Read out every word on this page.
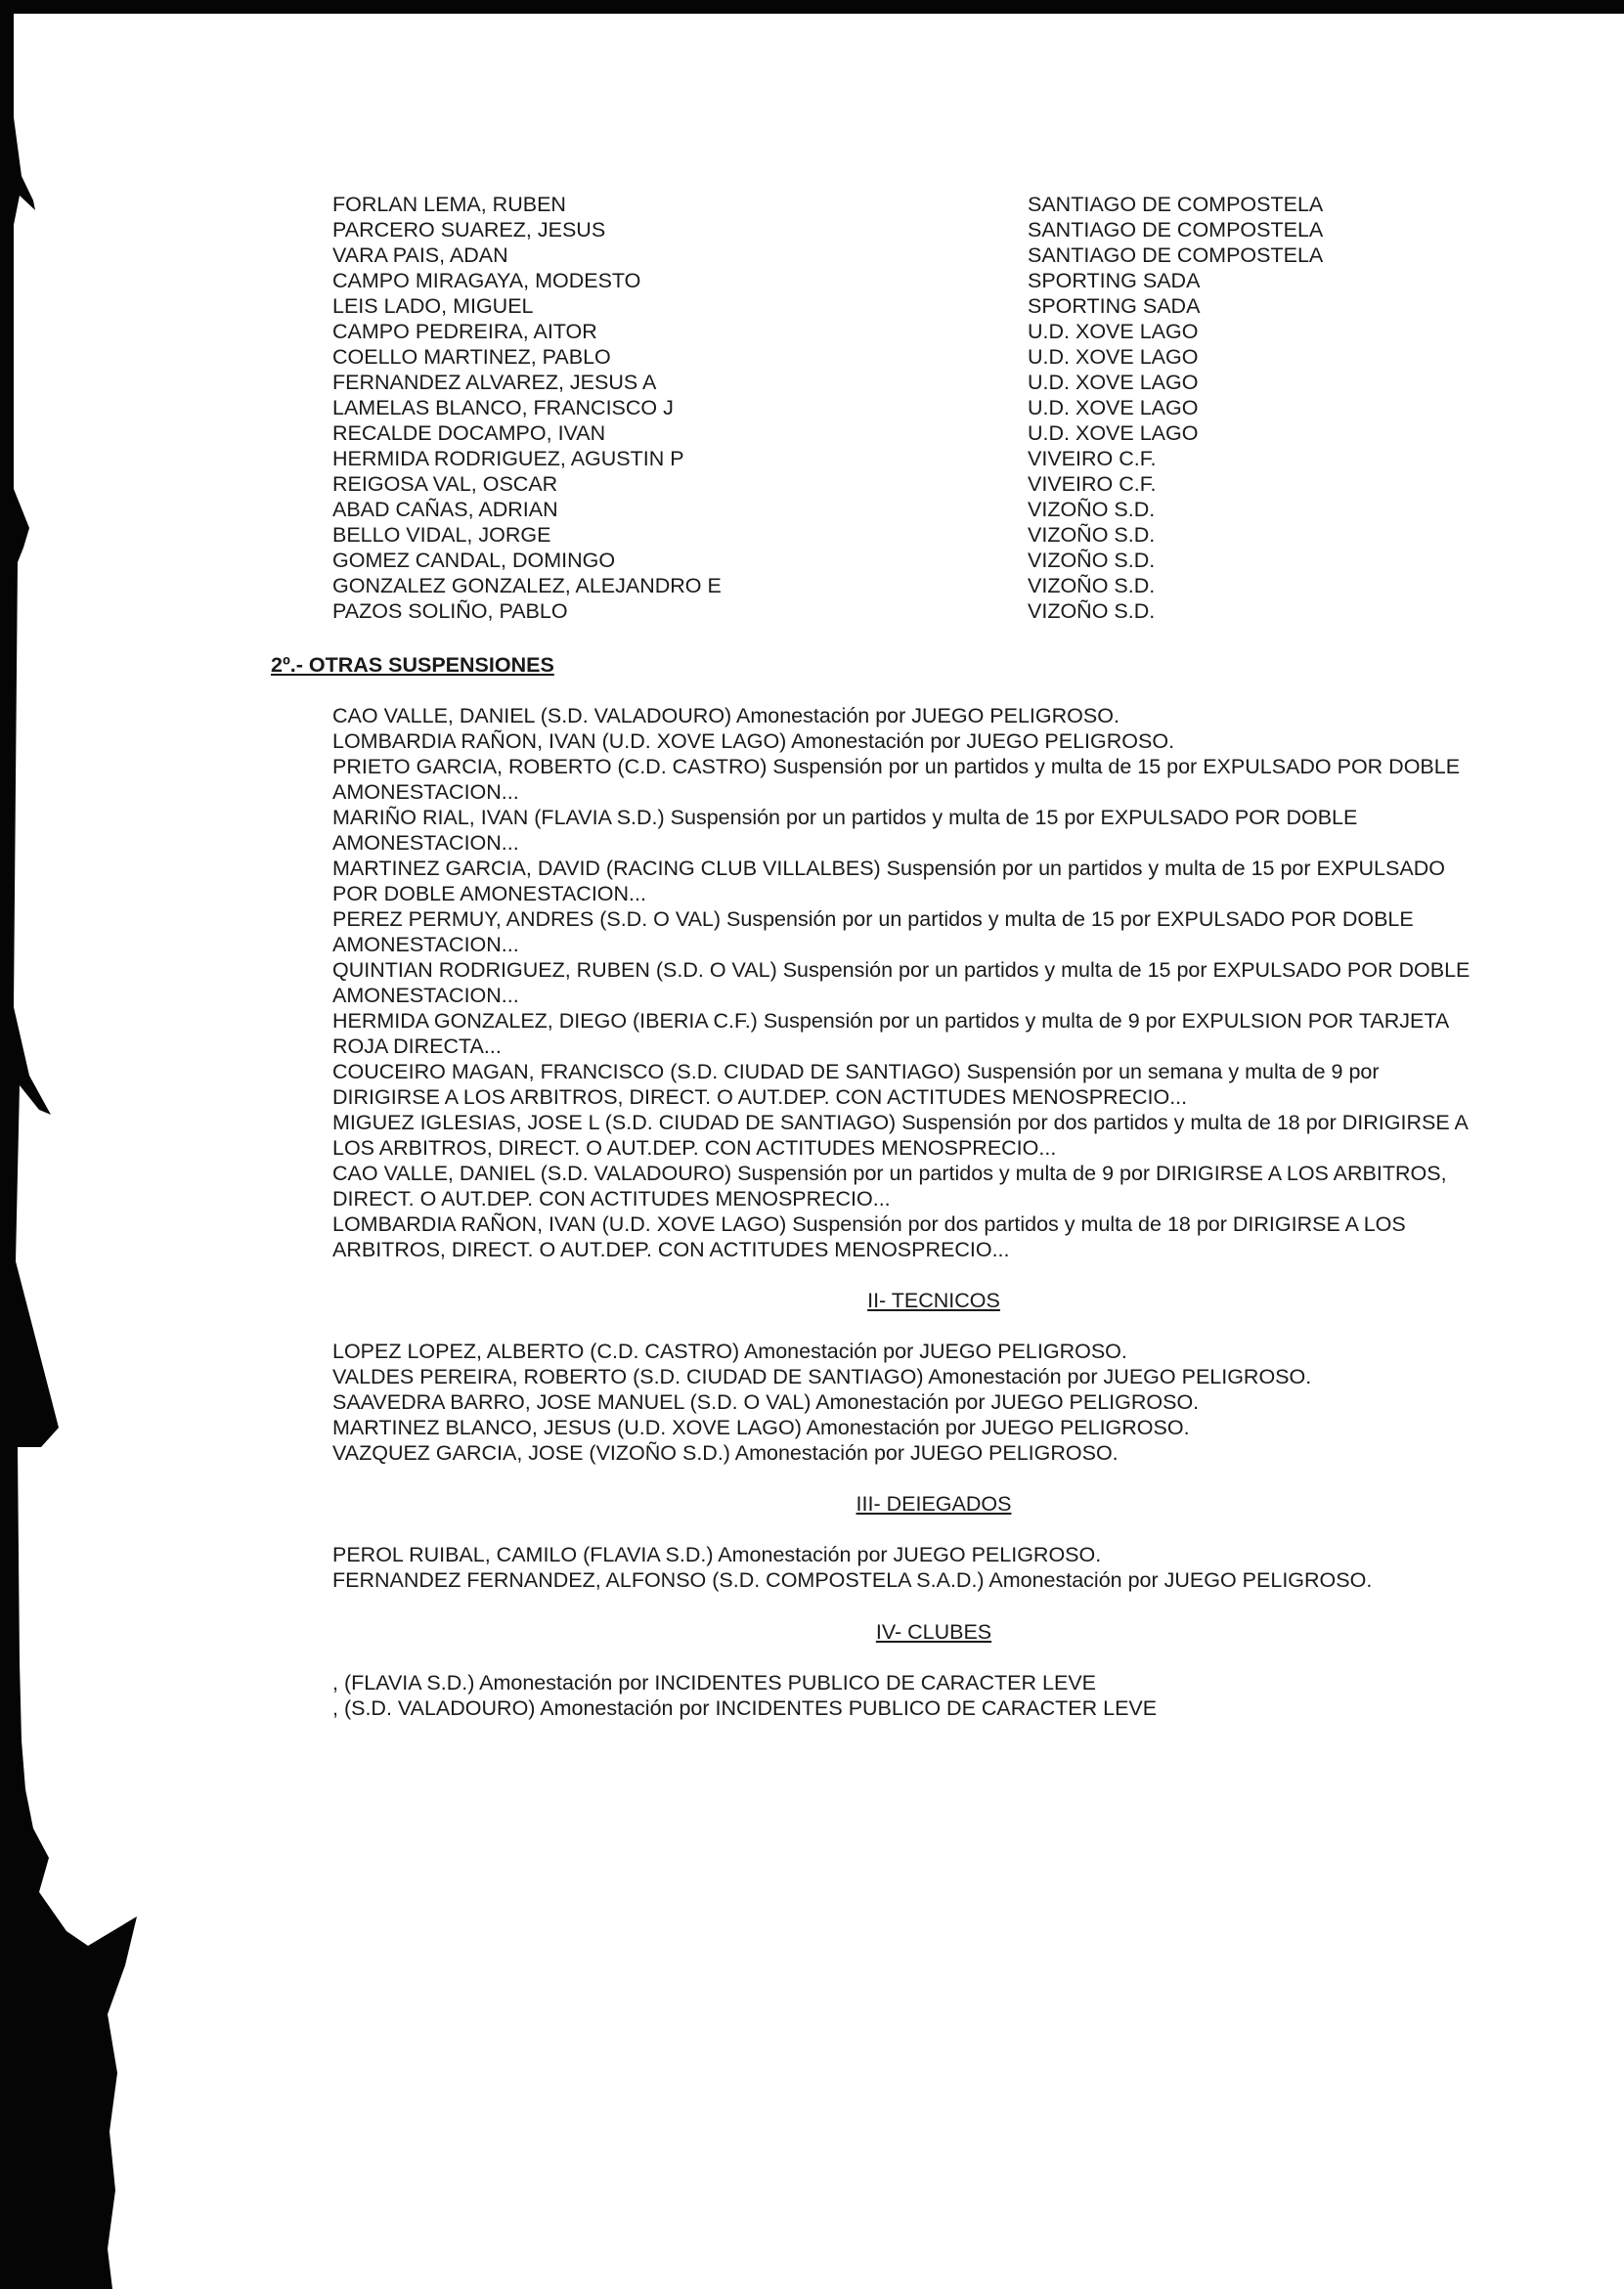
FORLAN LEMA, RUBEN	SANTIAGO DE COMPOSTELA
PARCERO SUAREZ, JESUS	SANTIAGO DE COMPOSTELA
VARA PAIS, ADAN	SANTIAGO DE COMPOSTELA
CAMPO MIRAGAYA, MODESTO	SPORTING SADA
LEIS LADO, MIGUEL	SPORTING SADA
CAMPO PEDREIRA, AITOR	U.D. XOVE LAGO
COELLO MARTINEZ, PABLO	U.D. XOVE LAGO
FERNANDEZ ALVAREZ, JESUS A	U.D. XOVE LAGO
LAMELAS BLANCO, FRANCISCO J	U.D. XOVE LAGO
RECALDE DOCAMPO, IVAN	U.D. XOVE LAGO
HERMIDA RODRIGUEZ, AGUSTIN P	VIVEIRO C.F.
REIGOSA VAL, OSCAR	VIVEIRO C.F.
ABAD CAÑAS, ADRIAN	VIZOÑO S.D.
BELLO VIDAL, JORGE	VIZOÑO S.D.
GOMEZ CANDAL, DOMINGO	VIZOÑO S.D.
GONZALEZ GONZALEZ, ALEJANDRO E	VIZOÑO S.D.
PAZOS SOLIÑO, PABLO	VIZOÑO S.D.
2º.- OTRAS SUSPENSIONES

CAO VALLE, DANIEL (S.D. VALADOURO) Amonestación por JUEGO PELIGROSO.

LOMBARDIA RAÑON, IVAN (U.D. XOVE LAGO) Amonestación por JUEGO PELIGROSO.

PRIETO GARCIA, ROBERTO (C.D. CASTRO) Suspensión por un partidos y multa de 15 por EXPULSADO POR DOBLE
AMONESTACION...

MARIÑO RIAL, IVAN (FLAVIA S.D.) Suspensión por un partidos y multa de 15 por EXPULSADO POR DOBLE
AMONESTACION...

MARTINEZ GARCIA, DAVID (RACING CLUB VILLALBES) Suspensión por un partidos y multa de 15 por EXPULSADO
POR DOBLE AMONESTACION...

PEREZ PERMUY, ANDRES (S.D. O VAL) Suspensión por un partidos y multa de 15 por EXPULSADO POR DOBLE
AMONESTACION...

QUINTIAN RODRIGUEZ, RUBEN (S.D. O VAL) Suspensión por un partidos y multa de 15 por EXPULSADO POR DOBLE
AMONESTACION...

HERMIDA GONZALEZ, DIEGO (IBERIA C.F.) Suspensión por un partidos y multa de 9 por EXPULSION POR TARJETA
ROJA DIRECTA...

COUCEIRO MAGAN, FRANCISCO (S.D. CIUDAD DE SANTIAGO) Suspensión por un semana y multa de 9 por
DIRIGIRSE A LOS ARBITROS, DIRECT. O AUT.DEP. CON ACTITUDES MENOSPRECIO...

MIGUEZ IGLESIAS, JOSE L (S.D. CIUDAD DE SANTIAGO) Suspensión por dos partidos y multa de 18 por DIRIGIRSE A
LOS ARBITROS, DIRECT. O AUT.DEP. CON ACTITUDES MENOSPRECIO...

CAO VALLE, DANIEL (S.D. VALADOURO) Suspensión por un partidos y multa de 9 por DIRIGIRSE A LOS ARBITROS,
DIRECT. O AUT.DEP. CON ACTITUDES MENOSPRECIO...

LOMBARDIA RAÑON, IVAN (U.D. XOVE LAGO) Suspensión por dos partidos y multa de 18 por DIRIGIRSE A LOS
ARBITROS, DIRECT. O AUT.DEP. CON ACTITUDES MENOSPRECIO...

II- TECNICOS

LOPEZ LOPEZ, ALBERTO (C.D. CASTRO) Amonestación por JUEGO PELIGROSO.

VALDES PEREIRA, ROBERTO (S.D. CIUDAD DE SANTIAGO) Amonestación por JUEGO PELIGROSO.

SAAVEDRA BARRO, JOSE MANUEL (S.D. O VAL) Amonestación por JUEGO PELIGROSO.

MARTINEZ BLANCO, JESUS (U.D. XOVE LAGO) Amonestación por JUEGO PELIGROSO.

VAZQUEZ GARCIA, JOSE (VIZOÑO S.D.) Amonestación por JUEGO PELIGROSO.

III- DEIEGADOS

PEROL RUIBAL, CAMILO (FLAVIA S.D.) Amonestación por JUEGO PELIGROSO.

FERNANDEZ FERNANDEZ, ALFONSO (S.D. COMPOSTELA S.A.D.) Amonestación por JUEGO PELIGROSO.

IV- CLUBES

, (FLAVIA S.D.) Amonestación por INCIDENTES PUBLICO DE CARACTER LEVE

, (S.D. VALADOURO) Amonestación por INCIDENTES PUBLICO DE CARACTER LEVE
